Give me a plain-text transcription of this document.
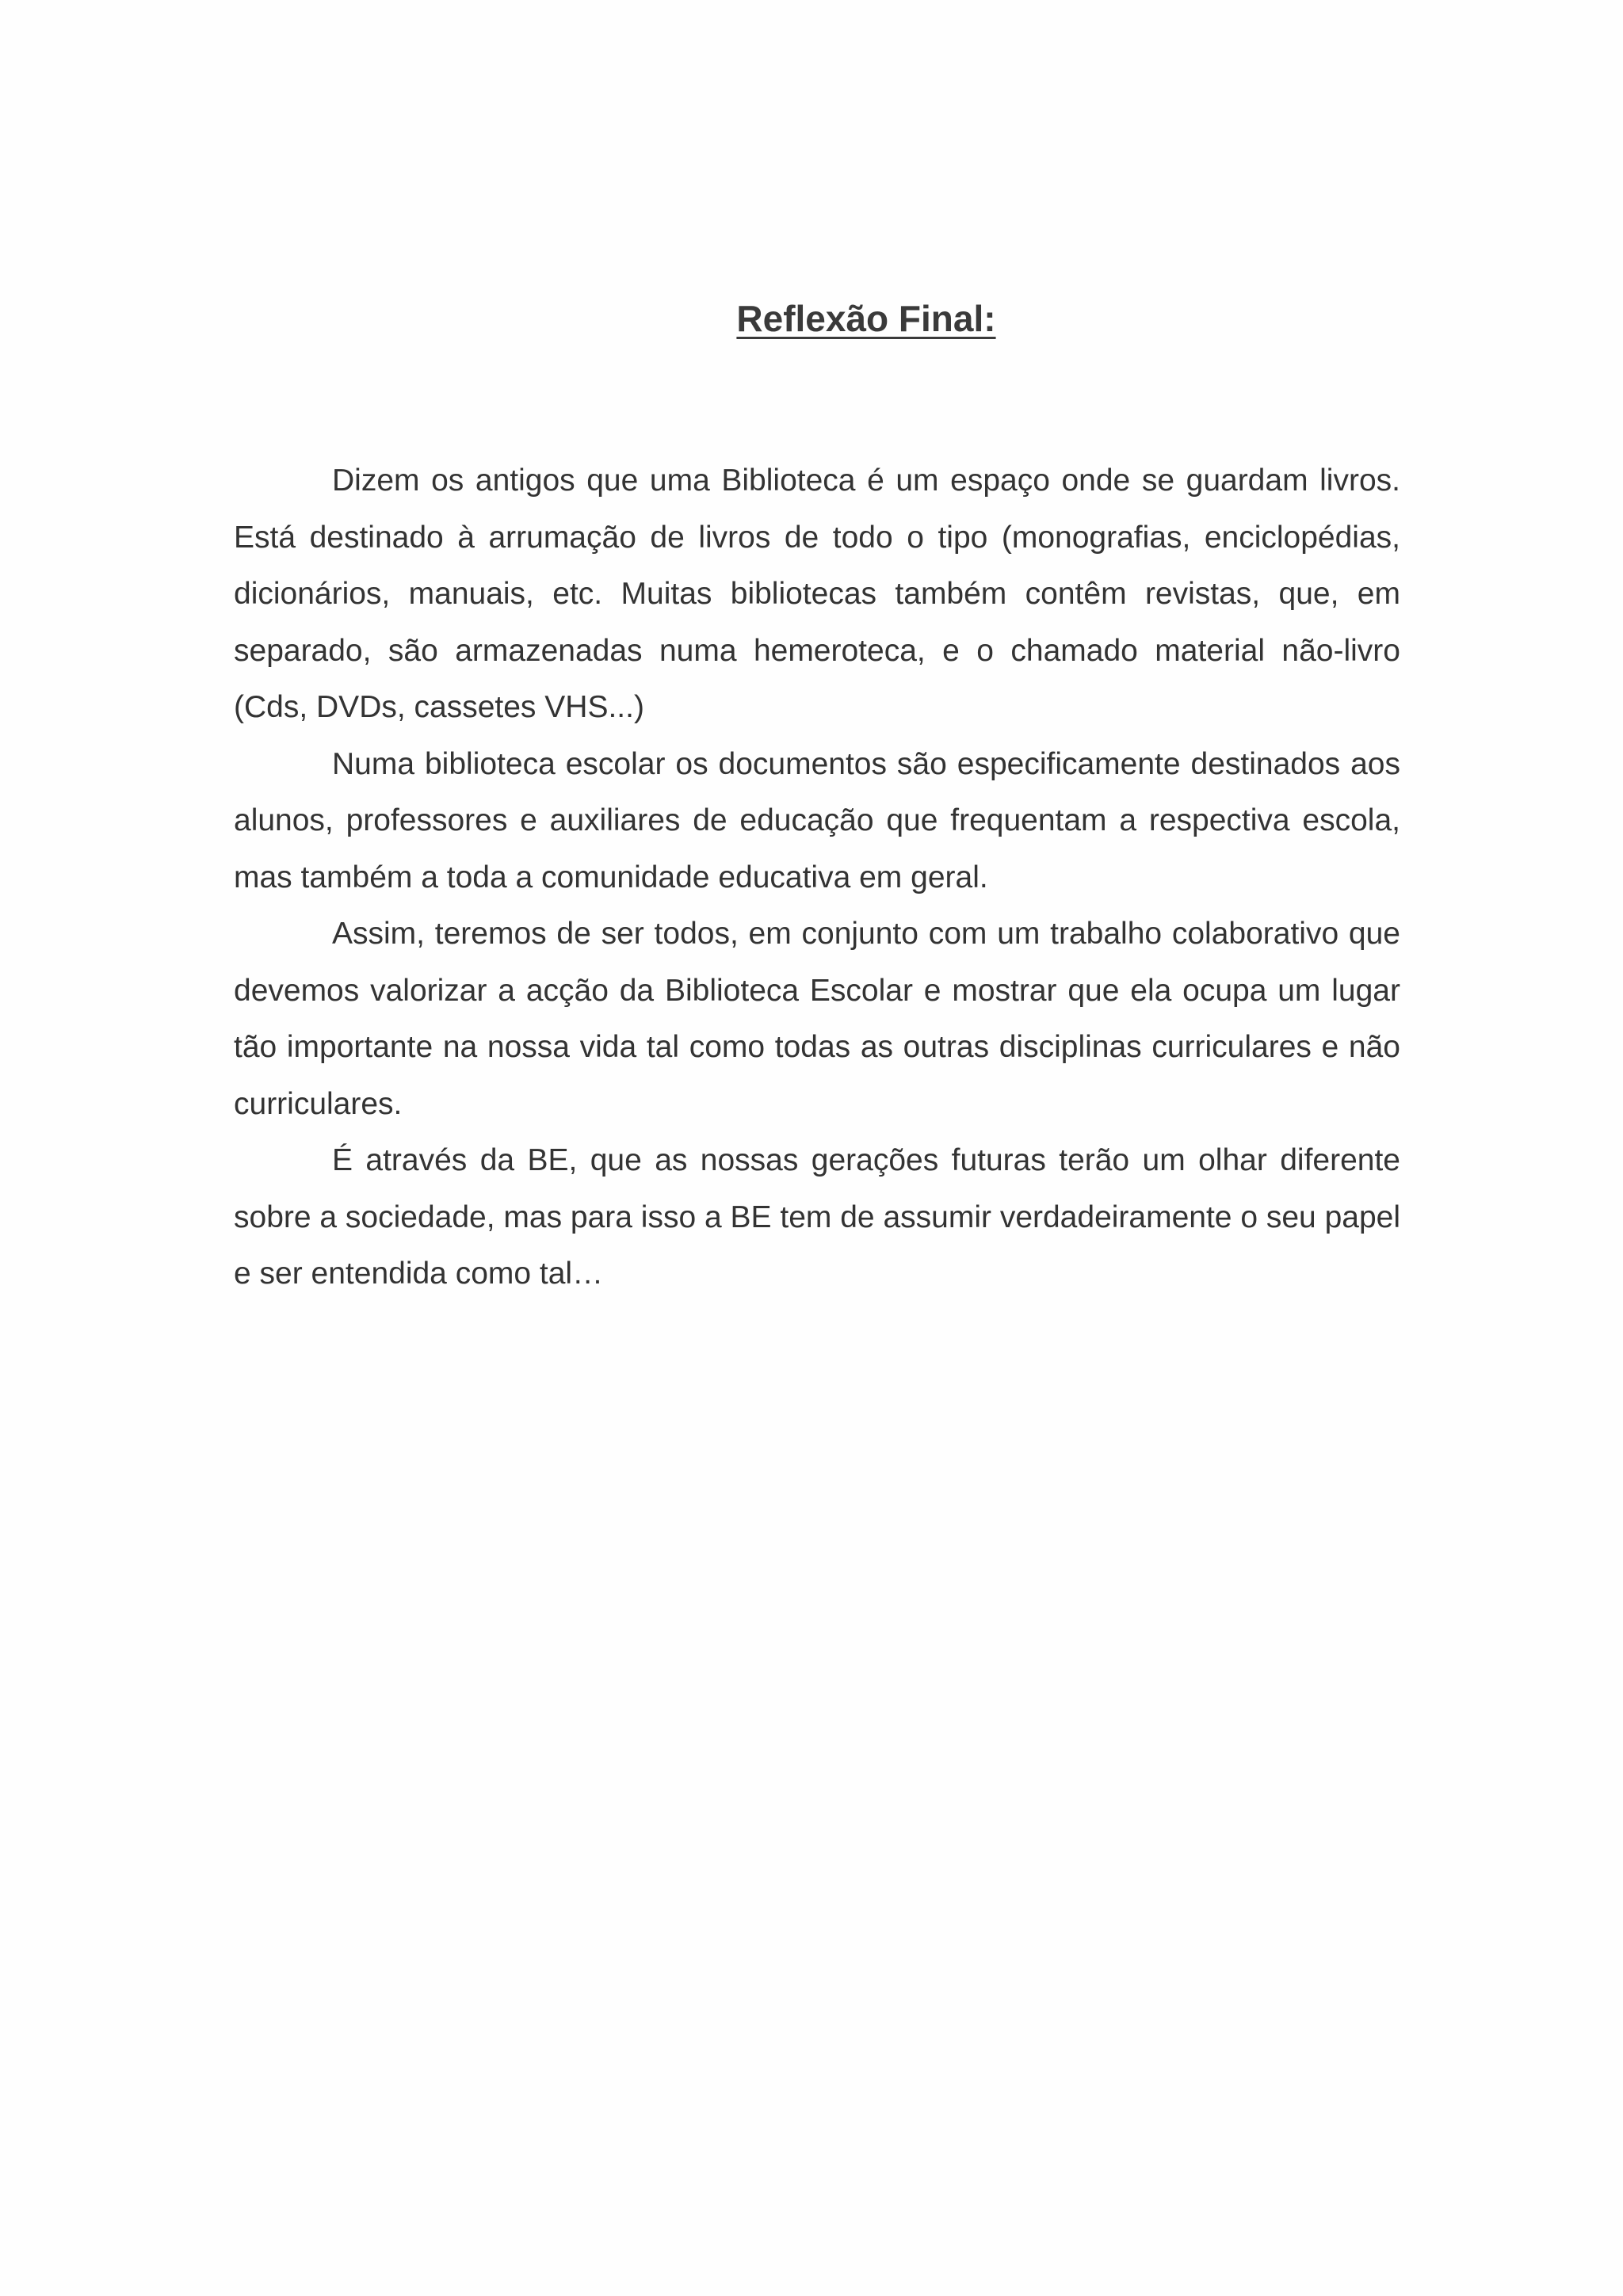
Reflexão Final:

Dizem os antigos que uma Biblioteca é um espaço onde se guardam livros. Está destinado à arrumação de livros de todo o tipo (monografias, enciclopédias, dicionários, manuais, etc. Muitas bibliotecas também contêm revistas, que, em separado, são armazenadas numa hemeroteca, e o chamado material não-livro (Cds, DVDs, cassetes VHS...)

Numa biblioteca escolar os documentos são especificamente destinados aos alunos, professores e auxiliares de educação que frequentam a respectiva escola, mas também a toda a comunidade educativa em geral.

Assim, teremos de ser todos, em conjunto com um trabalho colaborativo que devemos valorizar a acção da Biblioteca Escolar e mostrar que ela ocupa um lugar tão importante na nossa vida tal como todas as outras disciplinas curriculares e não curriculares.

É através da BE, que as nossas gerações futuras terão um olhar diferente sobre a sociedade, mas para isso a BE tem de assumir verdadeiramente o seu papel e ser entendida como tal…
